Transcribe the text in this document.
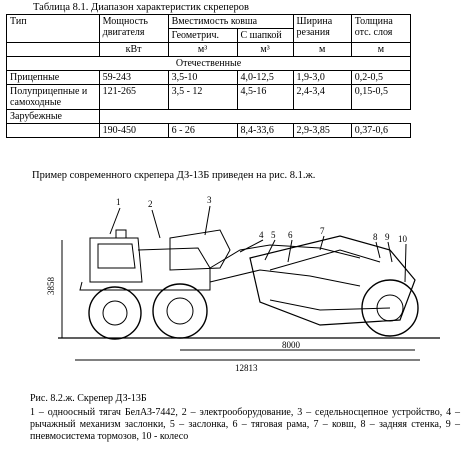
Таблица 8.1. Диапазон характеристик скреперов
Тип	Мощность двигателя	Вместимость ковша		Ширина резания	Толщина отс. слоя
		Геометрич.	С шапкой		
	кВт	м³	м³	м	м
Отечественные					
Прицепные	59-243	3,5-10	4,0-12,5	1,9-3,0	0,2-0,5
Полуприцепные и самоходные	121-265	3,5 - 12	4,5-16	2,4-3,4	0,15-0,5
Зарубежные					
	190-450	6 - 26	8,4-33,6	2,9-3,85	0,37-0,6
Пример современного скрепера ДЗ-13Б приведен на рис. 8.1.ж.
3858
8000
12813
1	2	3
4 5 6	7
8 9 10
Рис. 8.2.ж. Скрепер ДЗ-13Б
1 – одноосный тягач БелАЗ-7442, 2 – электрооборудование, 3 – седельносцепное устройство, 4 – рычажный механизм заслонки, 5 – заслонка, 6 – тяговая рама, 7 – ковш, 8 – задняя стенка, 9 – пневмосистема тормозов, 10 - колесо
